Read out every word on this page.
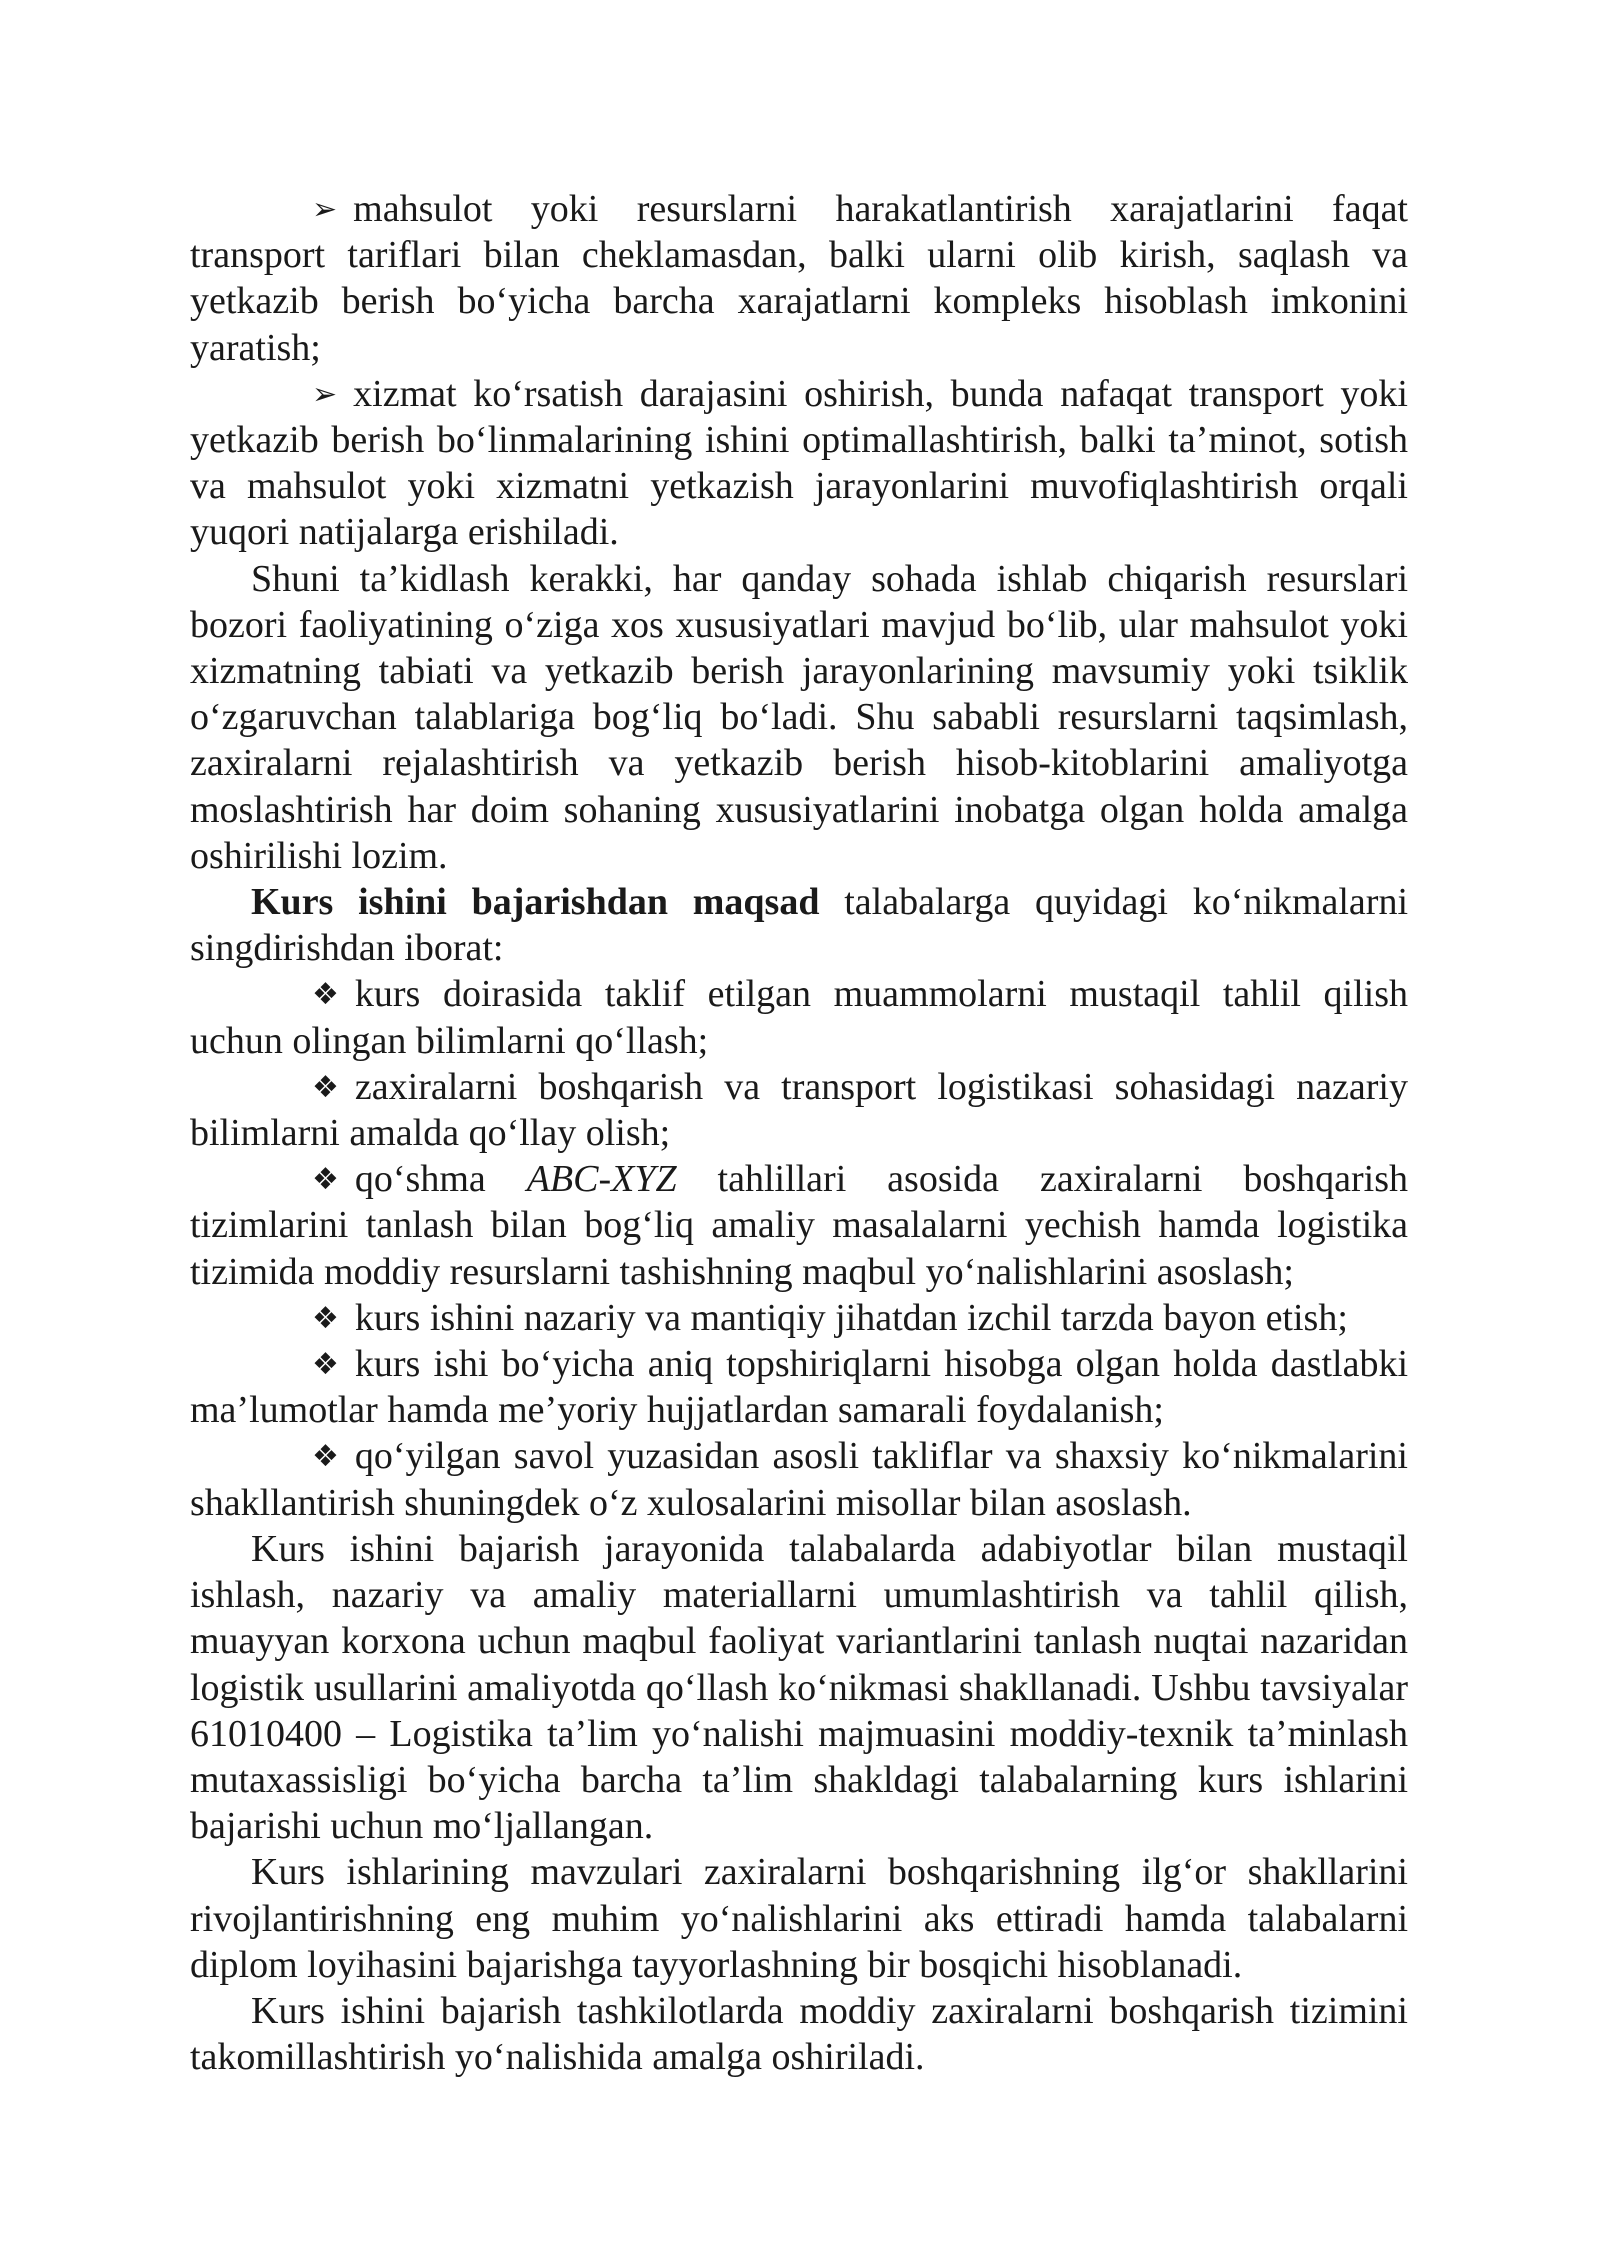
➢ mahsulot yoki resurslarni harakatlantirish xarajatlarini faqat transport tariflari bilan cheklamasdan, balki ularni olib kirish, saqlash va yetkazib berish bo‘yicha barcha xarajatlarni kompleks hisoblash imkonini yaratish;

➢ xizmat ko‘rsatish darajasini oshirish, bunda nafaqat transport yoki yetkazib berish bo‘linmalarining ishini optimallashtirish, balki ta’minot, sotish va mahsulot yoki xizmatni yetkazish jarayonlarini muvofiqlashtirish orqali yuqori natijalarga erishiladi.

Shuni ta’kidlash kerakki, har qanday sohada ishlab chiqarish resurslari bozori faoliyatining o‘ziga xos xususiyatlari mavjud bo‘lib, ular mahsulot yoki xizmatning tabiati va yetkazib berish jarayonlarining mavsumiy yoki tsiklik o‘zgaruvchan talablariga bog‘liq bo‘ladi. Shu sababli resurslarni taqsimlash, zaxiralarni rejalashtirish va yetkazib berish hisob-kitoblarini amaliyotga moslashtirish har doim sohaning xususiyatlarini inobatga olgan holda amalga oshirilishi lozim.

Kurs ishini bajarishdan maqsad talabalarga quyidagi ko‘nikmalarni singdirishdan iborat:

❖ kurs doirasida taklif etilgan muammolarni mustaqil tahlil qilish uchun olingan bilimlarni qo‘llash;

❖ zaxiralarni boshqarish va transport logistikasi sohasidagi nazariy bilimlarni amalda qo‘llay olish;

❖ qo‘shma ABC-XYZ tahlillari asosida zaxiralarni boshqarish tizimlarini tanlash bilan bog‘liq amaliy masalalarni yechish hamda logistika tizimida moddiy resurslarni tashishning maqbul yo‘nalishlarini asoslash;

❖ kurs ishini nazariy va mantiqiy jihatdan izchil tarzda bayon etish;

❖ kurs ishi bo‘yicha aniq topshiriqlarni hisobga olgan holda dastlabki ma’lumotlar hamda me’yoriy hujjatlardan samarali foydalanish;

❖ qo‘yilgan savol yuzasidan asosli takliflar va shaxsiy ko‘nikmalarini shakllantirish shuningdek o‘z xulosalarini misollar bilan asoslash.

Kurs ishini bajarish jarayonida talabalarda adabiyotlar bilan mustaqil ishlash, nazariy va amaliy materiallarni umumlashtirish va tahlil qilish, muayyan korxona uchun maqbul faoliyat variantlarini tanlash nuqtai nazaridan logistik usullarini amaliyotda qo‘llash ko‘nikmasi shakllanadi. Ushbu tavsiyalar 61010400 – Logistika ta’lim yo‘nalishi majmuasini moddiy-texnik ta’minlash mutaxassisligi bo‘yicha barcha ta’lim shakldagi talabalarning kurs ishlarini bajarishi uchun mo‘ljallangan.

Kurs ishlarining mavzulari zaxiralarni boshqarishning ilg‘or shakllarini rivojlantirishning eng muhim yo‘nalishlarini aks ettiradi hamda talabalarni diplom loyihasini bajarishga tayyorlashning bir bosqichi hisoblanadi.

Kurs ishini bajarish tashkilotlarda moddiy zaxiralarni boshqarish tizimini takomillashtirish yo‘nalishida amalga oshiriladi.
